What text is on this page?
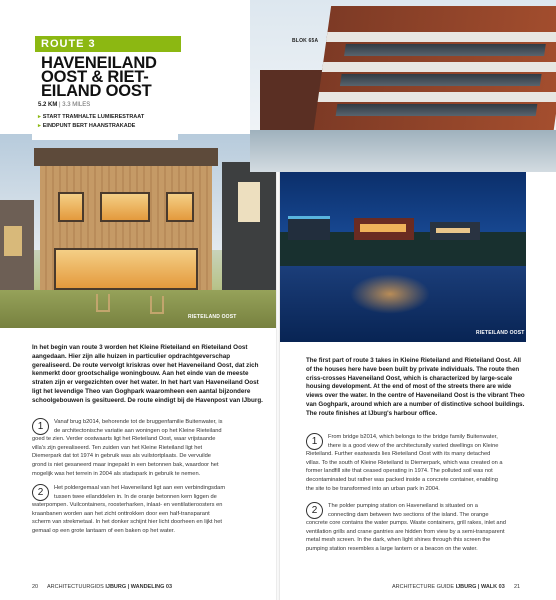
RIETEILAND OOST
ROUTE 3
HAVENEILAND
OOST & RIET-
EILAND OOST
5.2 KM | 3.3 MILES
▸ START TRAMHALTE LUMIERESTRAAT
▸ EINDPUNT BERT HAANSTRAKADE

In het begin van route 3 worden het Kleine Rieteiland en Rieteiland Oost aangedaan. Hier zijn alle huizen in particulier opdrachtgeverschap gerealiseerd. De route vervolgt kriskras over het Haveneiland Oost, dat zich kenmerkt door grootschalige woningbouw. Aan het einde van de meeste straten zijn er vergezichten over het water. In het hart van Haveneiland Oost ligt het levendige Theo van Goghpark waaromheen een aantal bijzondere schoolgebouwen is gesitueerd. De route eindigt bij de Havenpost van IJburg.

1	Vanaf brug b2014, behorende tot de bruggenfamilie Buitenwater, is
de architectonische variatie aan woningen op het Kleine Rieteiland
goed te zien. Verder oostwaarts ligt het Rieteiland Oost, waar vrijstaande
villa's zijn gerealiseerd. Ten zuiden van het Kleine Rieteiland ligt het
Diemerpark dat tot 1974 in gebruik was als vuilstortplaats. De vervuilde
grond is niet gesaneerd maar ingepakt in een betonnen bak, waardoor het
mogelijk was het terrein in 2004 als stadspark in gebruik te nemen.
2	Het poldergemaal van het Haveneiland ligt aan een verbindingsdam
tussen twee eilanddelen in. In de oranje betonnen kern liggen de
waterpompen. Vuilcontainers, roosterharken, inlaat- en ventilatieroosters en
kraanbanen worden aan het zicht onttrokken door een half-transparant
scherm van strekmetaal. In het donker schijnt hier licht doorheen en lijkt het
gemaal op een grote lantaarn of een baken op het water.
20 ARCHITECTUURGIDS IJBURG | WANDELING 03
BLOK 65A
RIETEILAND OOST

The first part of route 3 takes in Kleine Rieteiland and Rieteiland Oost. All of the houses here have been built by private individuals. The route then criss-crosses Haveneiland Oost, which is characterized by large-scale housing development. At the end of most of the streets there are wide views over the water. In the centre of Haveneiland Oost is the vibrant Theo van Goghpark, around which are a number of distinctive school buildings. The route finishes at IJburg's harbour office.

1	From bridge b2014, which belongs to the bridge family Buitenwater,
there is a good view of the architecturally varied dwellings on Kleine
Rieteiland. Further eastwards lies Rieteiland Oost with its many detached
villas. To the south of Kleine Rieteiland is Diemerpark, which was created on a
former landfill site that ceased operating in 1974. The polluted soil was not
decontaminated but rather was packed inside a concrete container, enabling
the site to be transformed into an urban park in 2004.
2	The polder pumping station on Haveneiland is situated on a
connecting dam between two sections of the island. The orange
concrete core contains the water pumps. Waste containers, grill rakes, inlet and
ventilation grills and crane gantries are hidden from view by a semi-transparent
metal mesh screen. In the dark, when light shines through this screen the
pumping station resembles a large lantern or a beacon on the water.
ARCHITECTURE GUIDE IJBURG | WALK 03 21
